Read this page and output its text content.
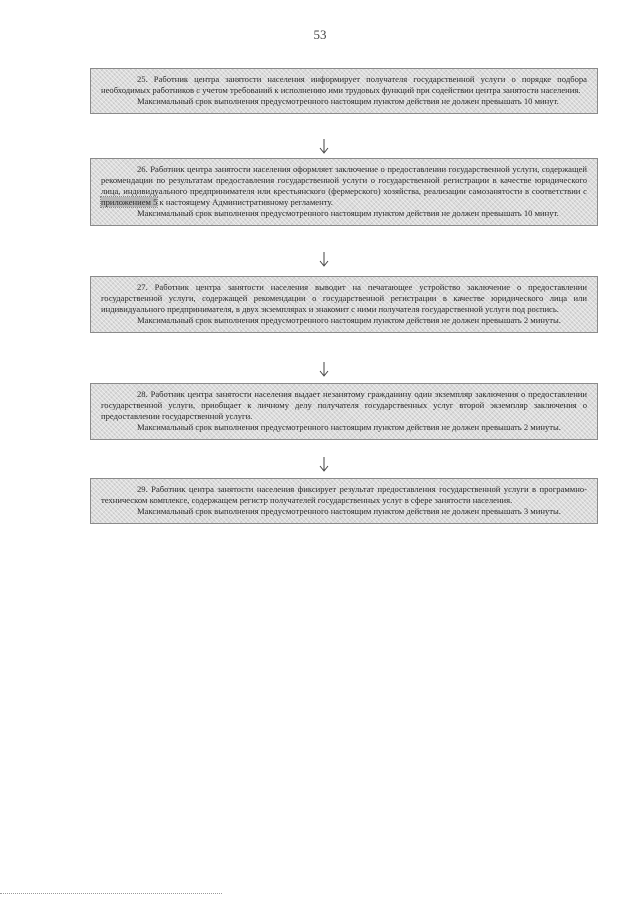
53

25. Работник центра занятости населения информирует получателя государственной услуги о порядке подбора необходимых работников с учетом требований к исполнению ими трудовых функций при содействии центра занятости населения.

Максимальный срок выполнения предусмотренного настоящим пунктом действия не должен превышать 10 минут.

26. Работник центра занятости населения оформляет заключение о предоставлении государственной услуги, содержащей рекомендации по результатам предоставления государственной услуги о государственной регистрации в качестве юридического лица, индивидуального предпринимателя или крестьянского (фермерского) хозяйства, реализации самозанятости в соответствии с приложением 5 к настоящему Административному регламенту.

Максимальный срок выполнения предусмотренного настоящим пунктом действия не должен превышать 10 минут.

27. Работник центра занятости населения выводит на печатающее устройство заключение о предоставлении государственной услуги, содержащей рекомендации о государственной регистрации в качестве юридического лица или индивидуального предпринимателя, в двух экземплярах и знакомит с ними получателя государственной услуги под роспись.

Максимальный срок выполнения предусмотренного настоящим пунктом действия не должен превышать 2 минуты.

28. Работник центра занятости населения выдает незанятому гражданину один экземпляр заключения о предоставлении государственной услуги, приобщает к личному делу получателя государственных услуг второй экземпляр заключения о предоставлении государственной услуги.

Максимальный срок выполнения предусмотренного настоящим пунктом действия не должен превышать 2 минуты.

29. Работник центра занятости населения фиксирует результат предоставления государственной услуги в программно-техническом комплексе, содержащем регистр получателей государственных услуг в сфере занятости населения.

Максимальный срок выполнения предусмотренного настоящим пунктом действия не должен превышать 3 минуты.
